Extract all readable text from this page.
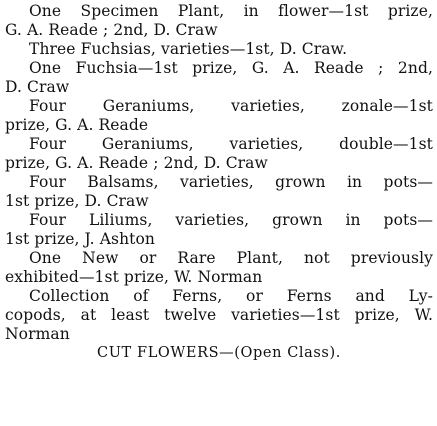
One Specimen Plant, in flower—1st prize,
G. A. Reade ; 2nd, D. Craw
Three Fuchsias, varieties—1st, D. Craw.
One Fuchsia—1st prize, G. A. Reade ; 2nd,
D. Craw
Four Geraniums, varieties, zonale—1st
prize, G. A. Reade
Four Geraniums, varieties, double—1st
prize, G. A. Reade ; 2nd, D. Craw
Four Balsams, varieties, grown in pots—
1st prize, D. Craw
Four Liliums, varieties, grown in pots—
1st prize, J. Ashton
One New or Rare Plant, not previously
exhibited—1st prize, W. Norman
Collection of Ferns, or Ferns and Ly-
copods, at least twelve varieties—1st prize, W.
Norman
CUT FLOWERS—(Open Class).
